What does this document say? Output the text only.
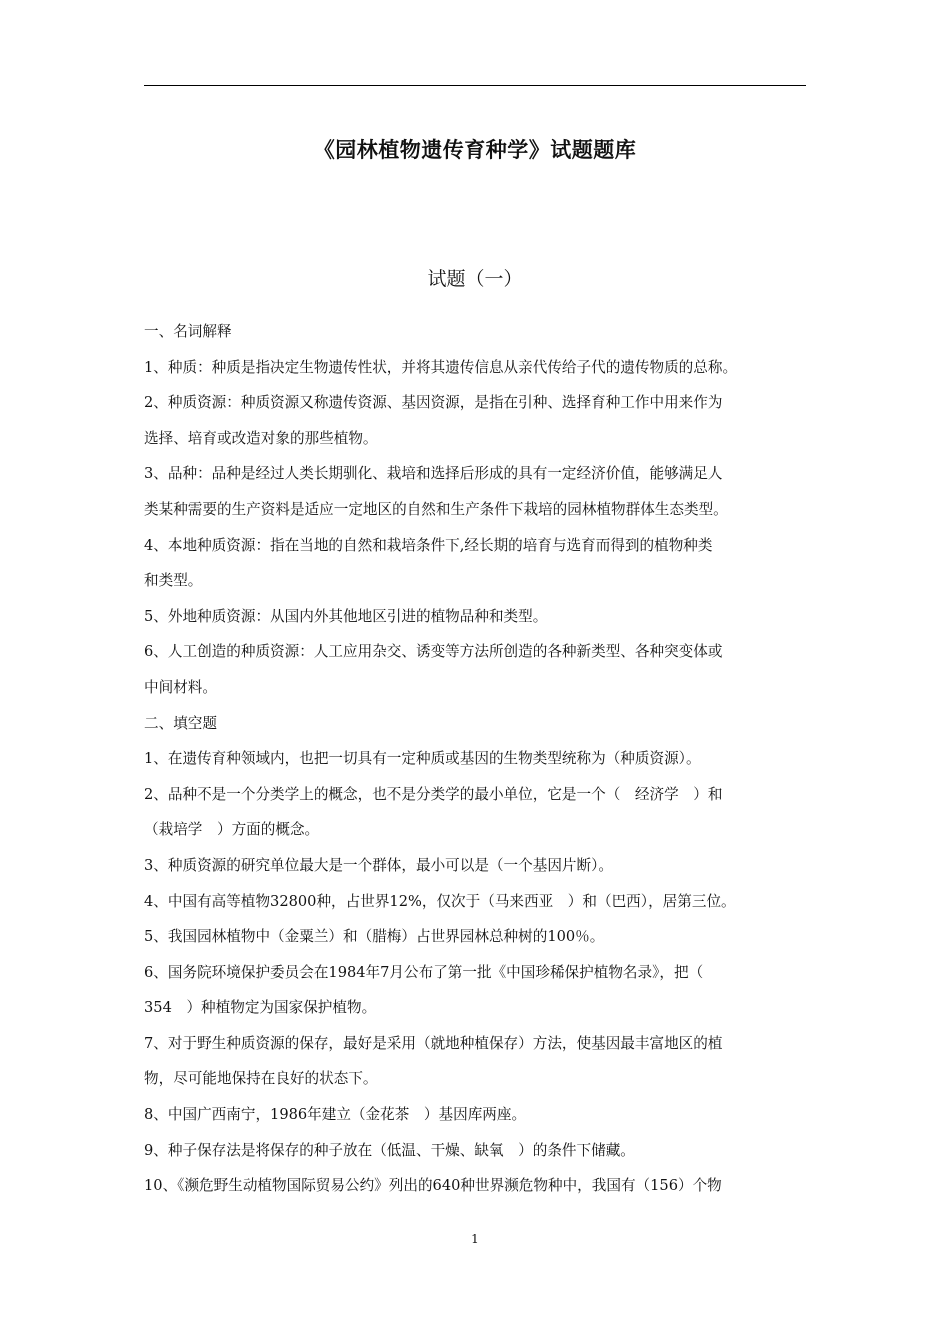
《园林植物遗传育种学》试题题库
试题（一）
一、名词解释
1、种质：种质是指决定生物遗传性状，并将其遗传信息从亲代传给子代的遗传物质的总称。
2、种质资源：种质资源又称遗传资源、基因资源，是指在引种、选择育种工作中用来作为
选择、培育或改造对象的那些植物。
3、品种：品种是经过人类长期驯化、栽培和选择后形成的具有一定经济价值，能够满足人
类某种需要的生产资料是适应一定地区的自然和生产条件下栽培的园林植物群体生态类型。
4、本地种质资源：指在当地的自然和栽培条件下,经长期的培育与选育而得到的植物种类
和类型。
5、外地种质资源：从国内外其他地区引进的植物品种和类型。
6、人工创造的种质资源：人工应用杂交、诱变等方法所创造的各种新类型、各种突变体或
中间材料。
二、填空题
1、在遗传育种领域内，也把一切具有一定种质或基因的生物类型统称为（种质资源）。
2、品种不是一个分类学上的概念，也不是分类学的最小单位，它是一个（　经济学　）和
（栽培学　）方面的概念。
3、种质资源的研究单位最大是一个群体，最小可以是（一个基因片断）。
4、中国有高等植物32800种，占世界12%，仅次于（马来西亚　）和（巴西），居第三位。
5、我国园林植物中（金粟兰）和（腊梅）占世界园林总种树的100％。
6、国务院环境保护委员会在1984年7月公布了第一批《中国珍稀保护植物名录》，把（
354　）种植物定为国家保护植物。
7、对于野生种质资源的保存，最好是采用（就地种植保存）方法，使基因最丰富地区的植
物，尽可能地保持在良好的状态下。
8、中国广西南宁，1986年建立（金花茶　）基因库两座。
9、种子保存法是将保存的种子放在（低温、干燥、缺氧　）的条件下储藏。
10、《濒危野生动植物国际贸易公约》列出的640种世界濒危物种中，我国有（156）个物
1
